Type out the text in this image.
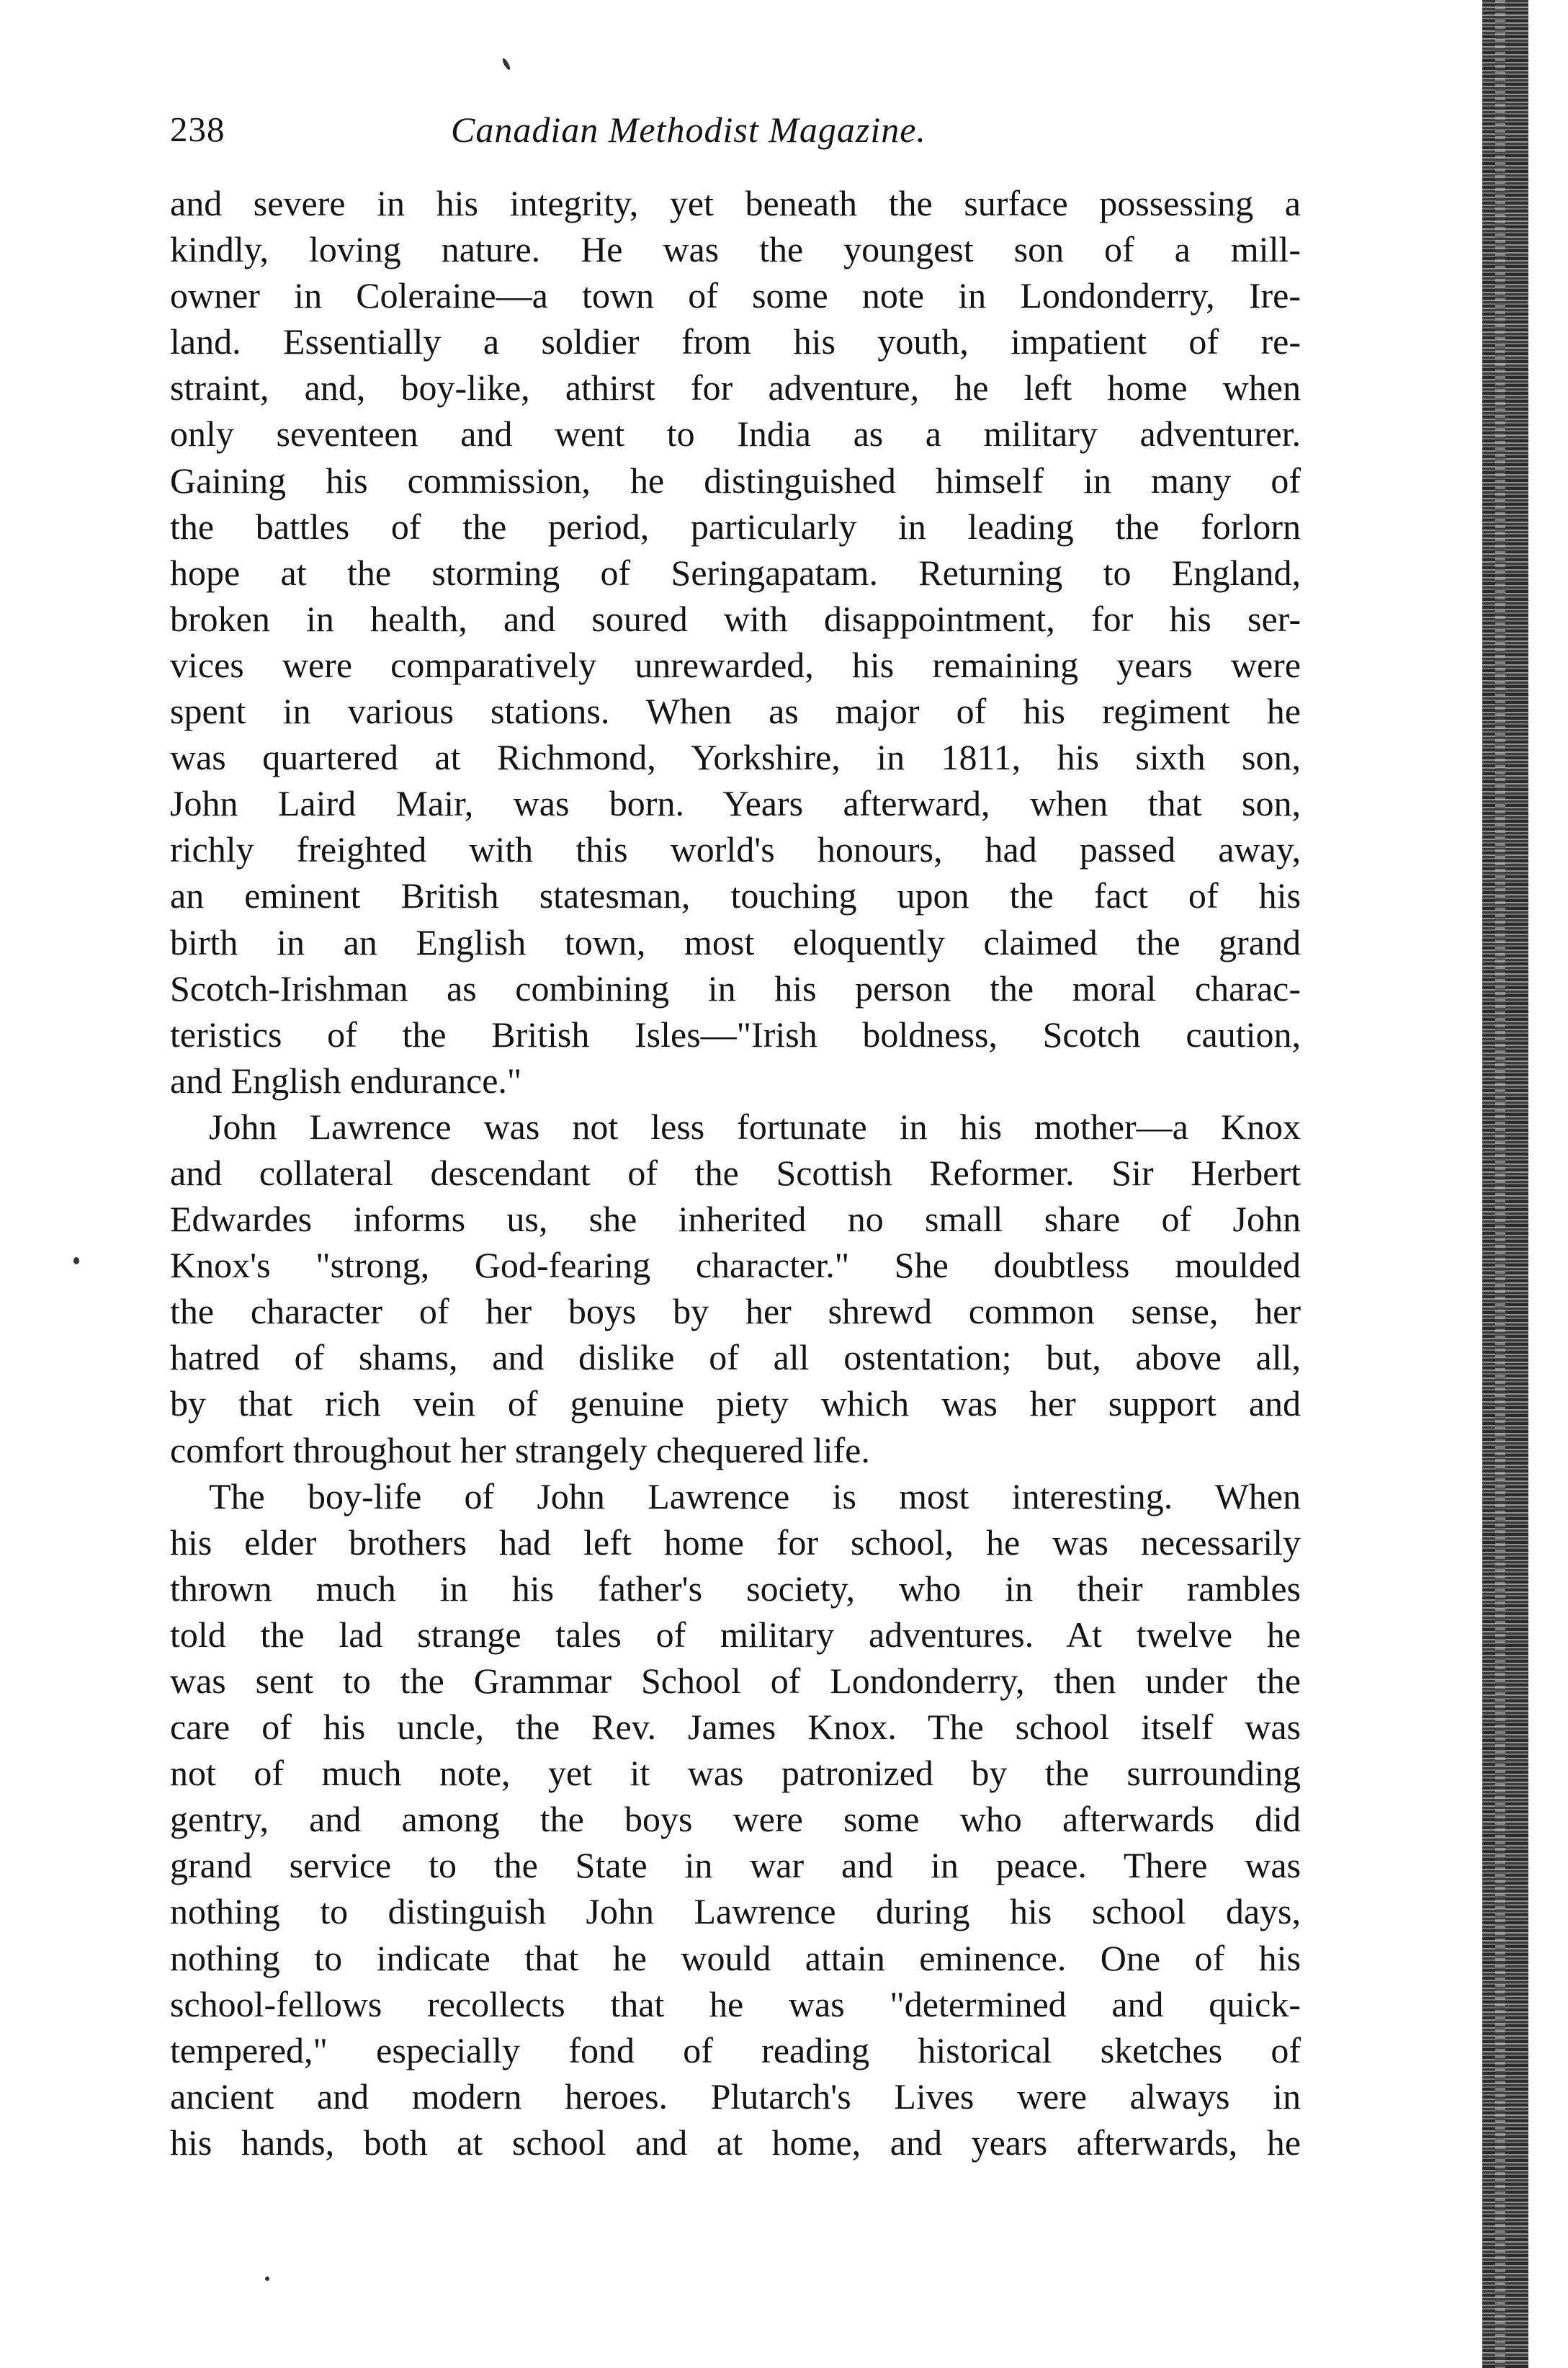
238	Canadian Methodist Magazine.
and severe in his integrity, yet beneath the surface possessing a
kindly, loving nature. He was the youngest son of a mill-
owner in Coleraine—a town of some note in Londonderry, Ire-
land. Essentially a soldier from his youth, impatient of re-
straint, and, boy-like, athirst for adventure, he left home when
only seventeen and went to India as a military adventurer.
Gaining his commission, he distinguished himself in many of
the battles of the period, particularly in leading the forlorn
hope at the storming of Seringapatam. Returning to England,
broken in health, and soured with disappointment, for his ser-
vices were comparatively unrewarded, his remaining years were
spent in various stations. When as major of his regiment he
was quartered at Richmond, Yorkshire, in 1811, his sixth son,
John Laird Mair, was born. Years afterward, when that son,
richly freighted with this world's honours, had passed away,
an eminent British statesman, touching upon the fact of his
birth in an English town, most eloquently claimed the grand
Scotch-Irishman as combining in his person the moral charac-
teristics of the British Isles—"Irish boldness, Scotch caution,
and English endurance."
John Lawrence was not less fortunate in his mother—a Knox
and collateral descendant of the Scottish Reformer. Sir Herbert
Edwardes informs us, she inherited no small share of John
Knox's "strong, God-fearing character." She doubtless moulded
the character of her boys by her shrewd common sense, her
hatred of shams, and dislike of all ostentation; but, above all,
by that rich vein of genuine piety which was her support and
comfort throughout her strangely chequered life.
The boy-life of John Lawrence is most interesting. When
his elder brothers had left home for school, he was necessarily
thrown much in his father's society, who in their rambles
told the lad strange tales of military adventures. At twelve he
was sent to the Grammar School of Londonderry, then under the
care of his uncle, the Rev. James Knox. The school itself was
not of much note, yet it was patronized by the surrounding
gentry, and among the boys were some who afterwards did
grand service to the State in war and in peace. There was
nothing to distinguish John Lawrence during his school days,
nothing to indicate that he would attain eminence. One of his
school-fellows recollects that he was "determined and quick-
tempered," especially fond of reading historical sketches of
ancient and modern heroes. Plutarch's Lives were always in
his hands, both at school and at home, and years afterwards, he
